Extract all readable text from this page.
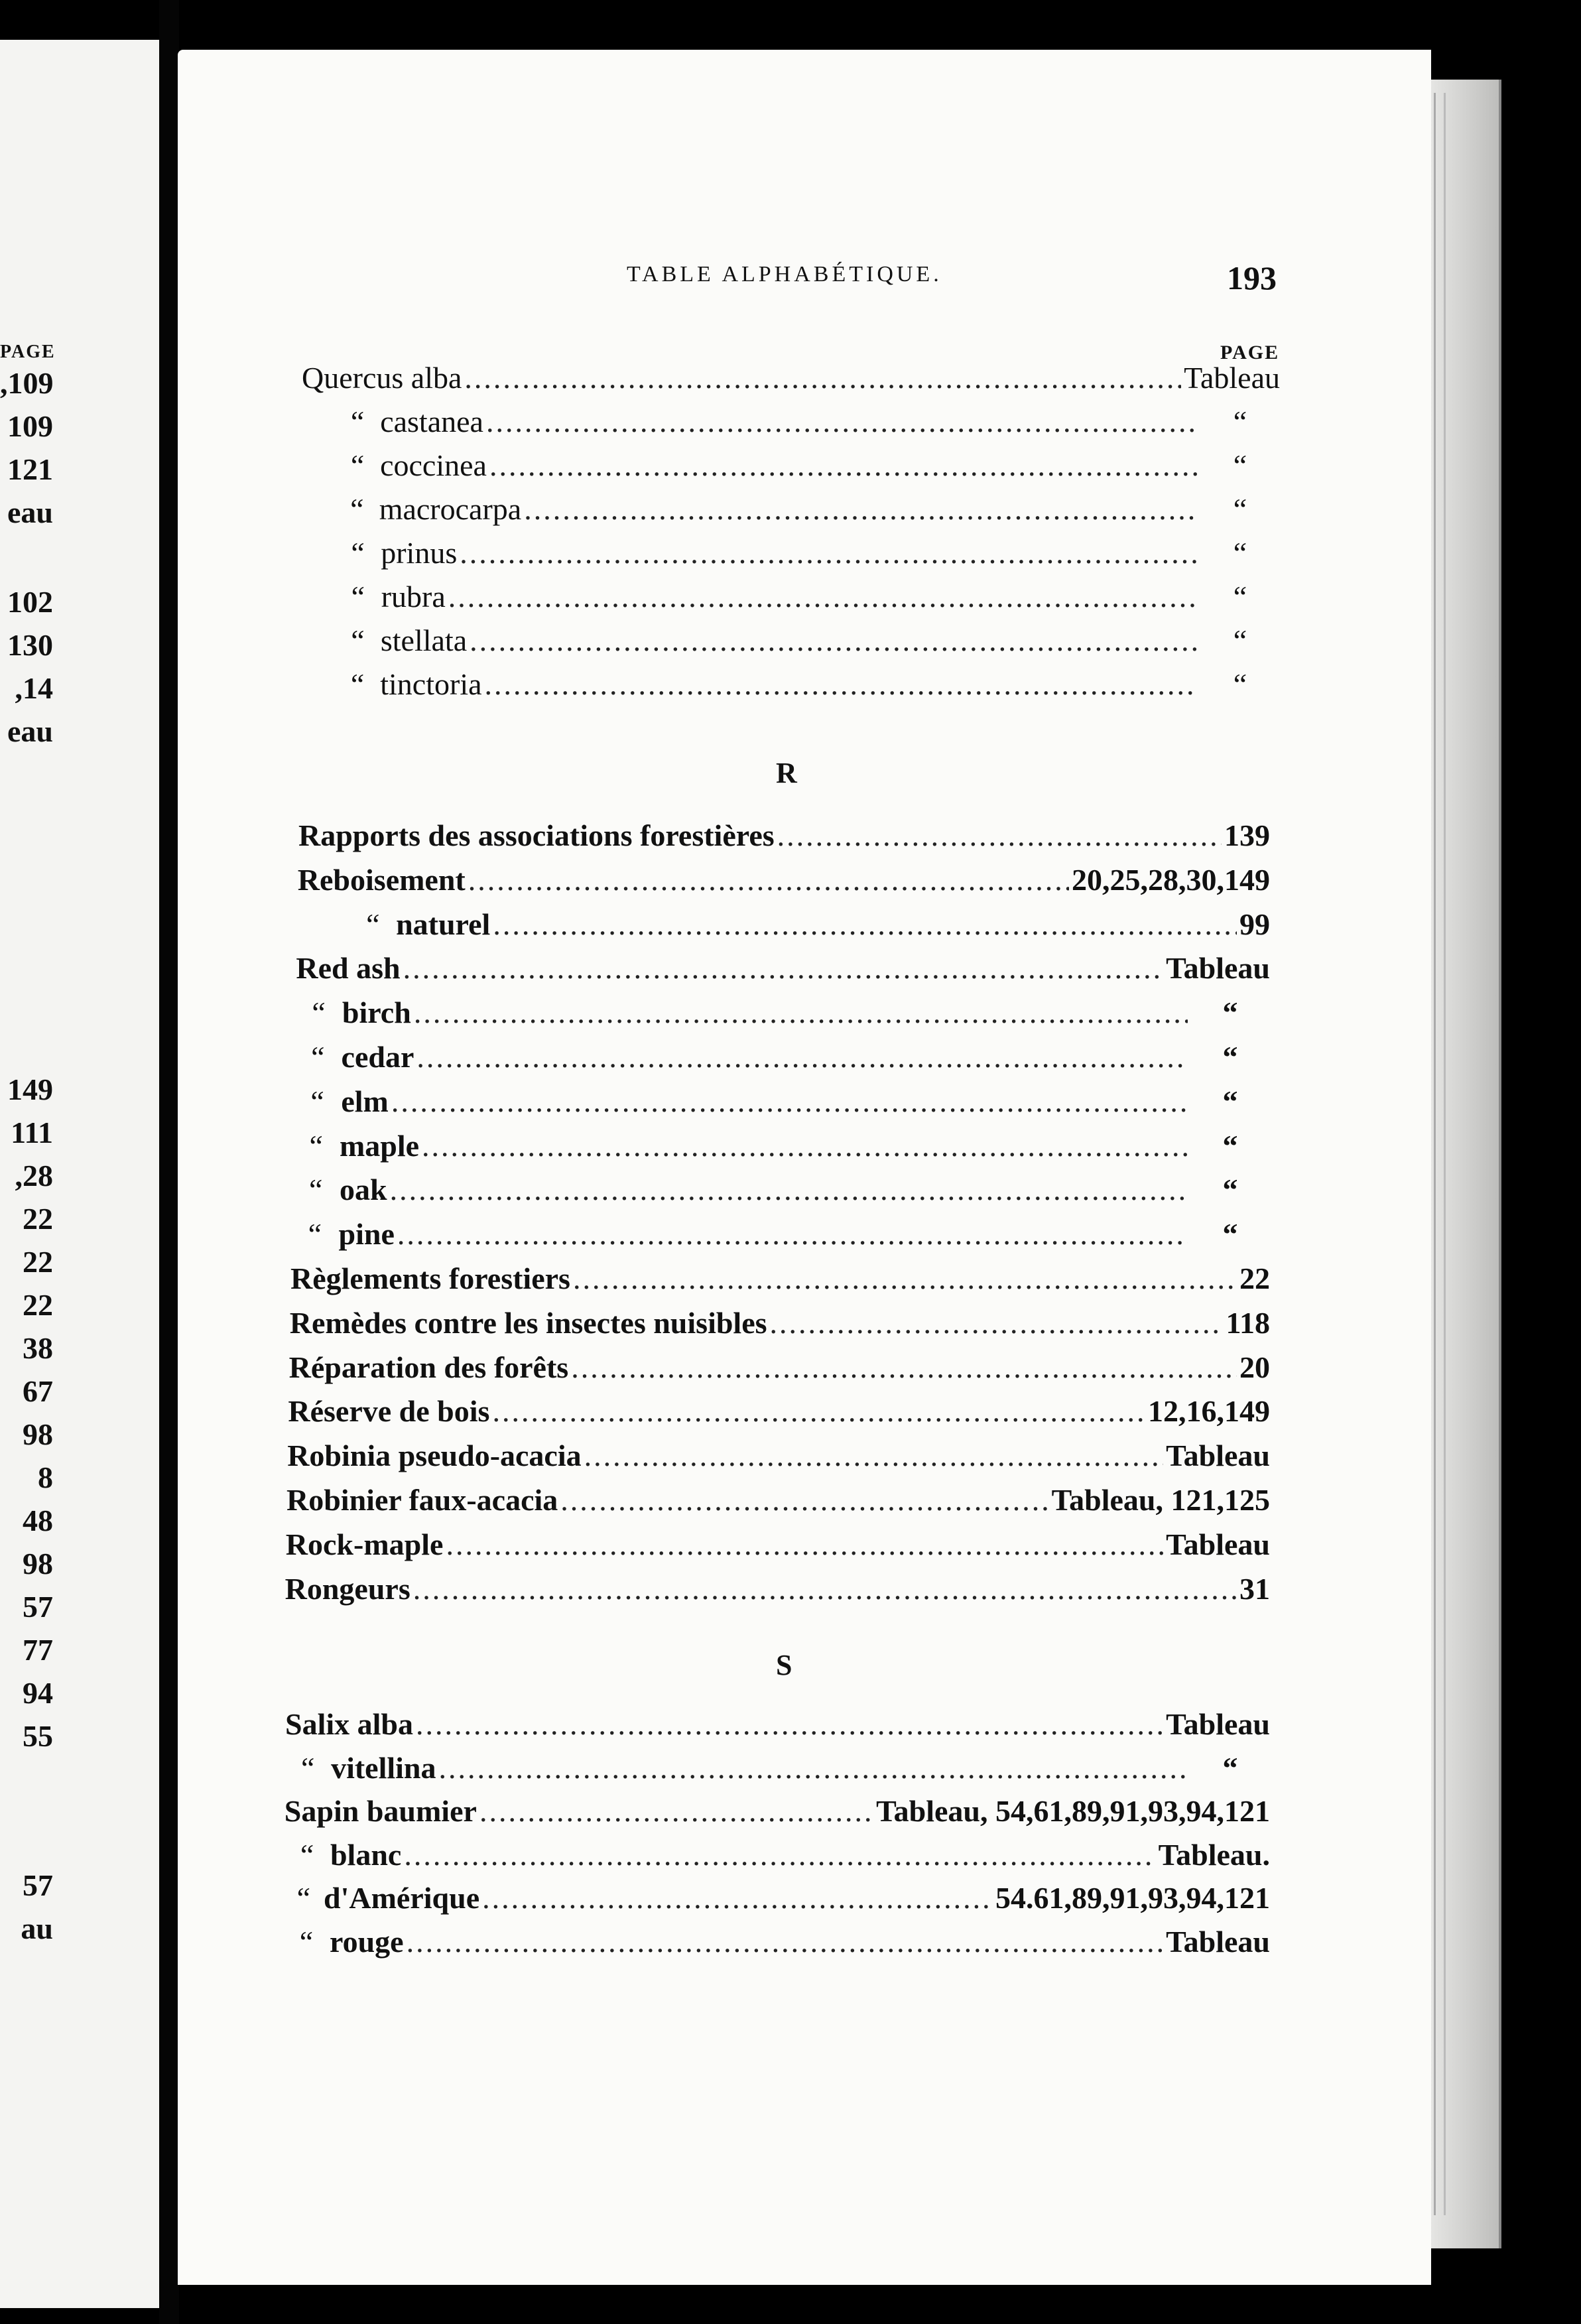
PAGE
,109
109
121
eau
102
130
,14
eau
149
111
,28
22
22
22
38
67
98
8
48
98
57
77
94
55
57
au
TABLE ALPHABÉTIQUE.	193
PAGE
Quercus alba .....	Tableau
“ castanea .....	“
“ coccinea .....	“
“ macrocarpa .....	“
“ prinus .....	“
“ rubra .....	“
“ stellata .....	“
“ tinctoria .....	“
R
Rapports des associations forestières .....	139
Reboisement .....	20,25,28,30,149
“ naturel .....	99
Red ash .....	Tableau
“ birch .....	“
“ cedar .....	“
“ elm .....	“
“ maple .....	“
“ oak .....	“
“ pine .....	“
Règlements forestiers .....	22
Remèdes contre les insectes nuisibles .....	118
Réparation des forêts .....	20
Réserve de bois .....	12,16,149
Robinia pseudo-acacia .....	Tableau
Robinier faux-acacia .....	Tableau, 121,125
Rock-maple .....	Tableau
Rongeurs .....	31
S
Salix alba .....	Tableau
“ vitellina .....	“
Sapin baumier .....	Tableau, 54,61,89,91,93,94,121
“ blanc .....	Tableau.
“ d'Amérique .....	54.61,89,91,93,94,121
“ rouge .....	Tableau
